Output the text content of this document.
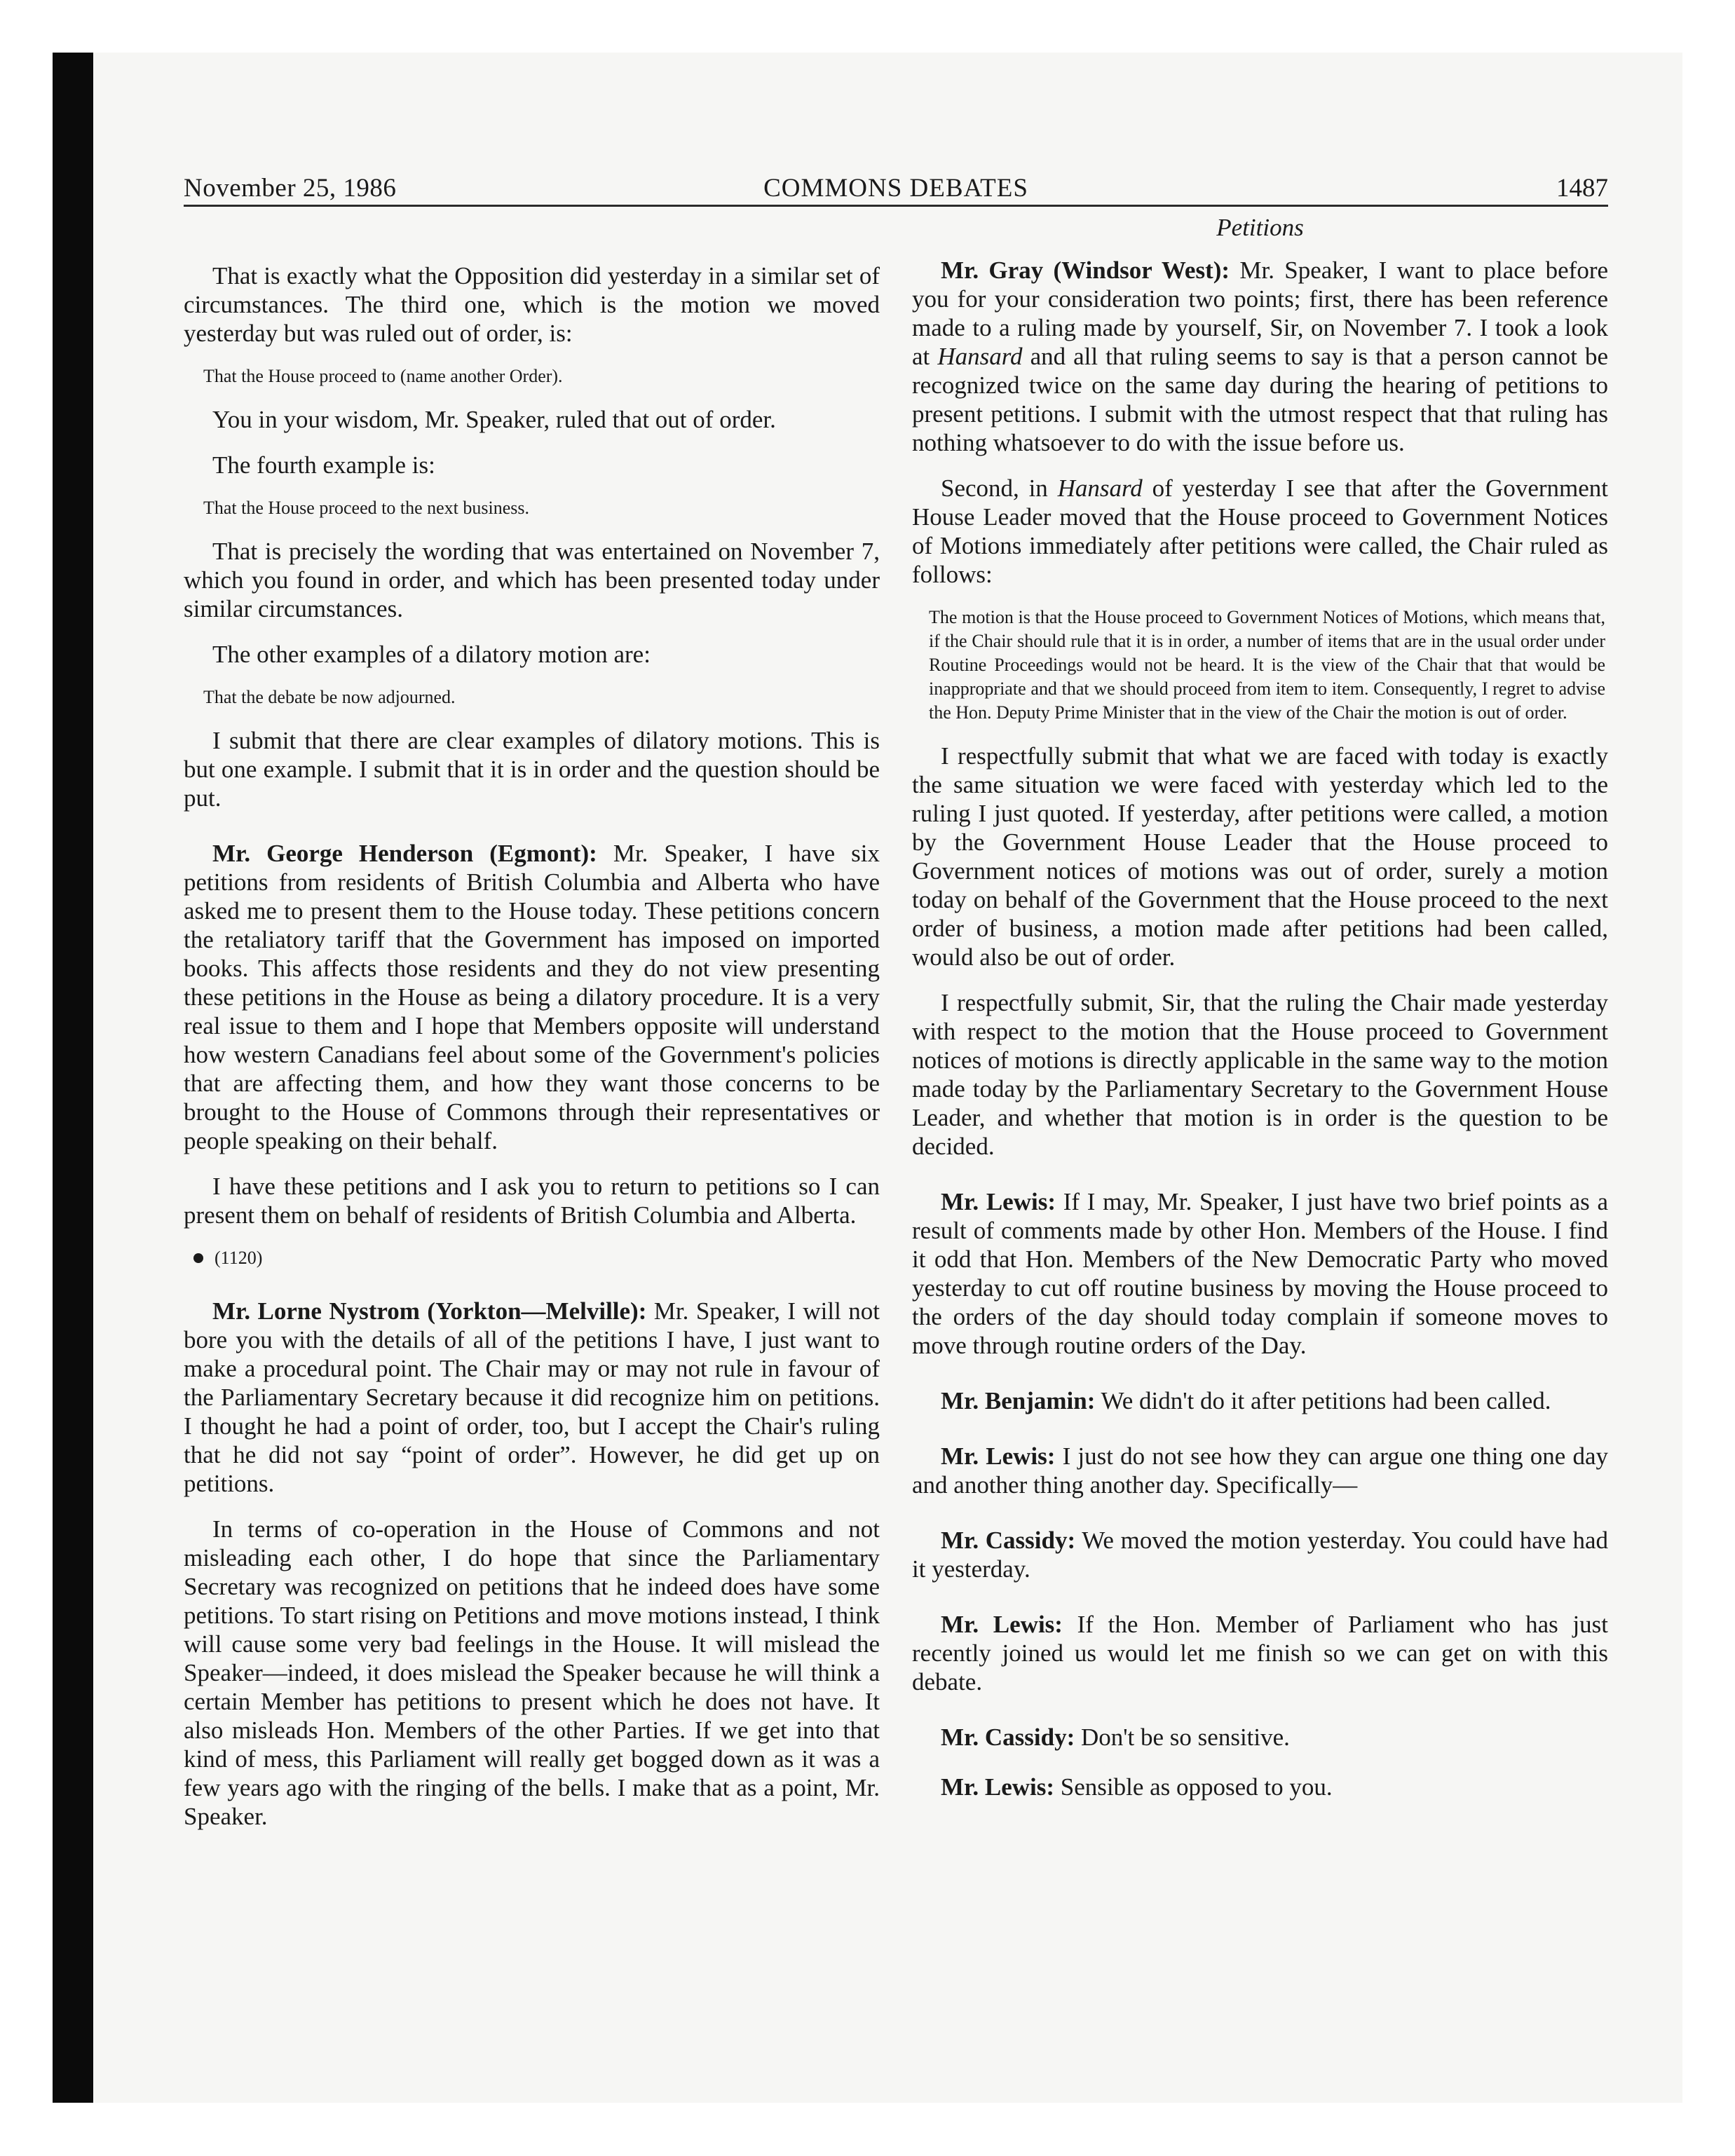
November 25, 1986	COMMONS DEBATES	1487

That is exactly what the Opposition did yesterday in a similar set of circumstances. The third one, which is the motion we moved yesterday but was ruled out of order, is:

That the House proceed to (name another Order).

You in your wisdom, Mr. Speaker, ruled that out of order.

The fourth example is:

That the House proceed to the next business.

That is precisely the wording that was entertained on November 7, which you found in order, and which has been presented today under similar circumstances.

The other examples of a dilatory motion are:

That the debate be now adjourned.

I submit that there are clear examples of dilatory motions. This is but one example. I submit that it is in order and the question should be put.

Mr. George Henderson (Egmont): Mr. Speaker, I have six petitions from residents of British Columbia and Alberta who have asked me to present them to the House today. These petitions concern the retaliatory tariff that the Government has imposed on imported books. This affects those residents and they do not view presenting these petitions in the House as being a dilatory procedure. It is a very real issue to them and I hope that Members opposite will understand how western Canadians feel about some of the Government's policies that are affecting them, and how they want those concerns to be brought to the House of Commons through their representatives or people speaking on their behalf.

I have these petitions and I ask you to return to petitions so I can present them on behalf of residents of British Columbia and Alberta.

(1120)

Mr. Lorne Nystrom (Yorkton—Melville): Mr. Speaker, I will not bore you with the details of all of the petitions I have, I just want to make a procedural point. The Chair may or may not rule in favour of the Parliamentary Secretary because it did recognize him on petitions. I thought he had a point of order, too, but I accept the Chair's ruling that he did not say “point of order”. However, he did get up on petitions.

In terms of co-operation in the House of Commons and not misleading each other, I do hope that since the Parliamentary Secretary was recognized on petitions that he indeed does have some petitions. To start rising on Petitions and move motions instead, I think will cause some very bad feelings in the House. It will mislead the Speaker—indeed, it does mislead the Speaker because he will think a certain Member has petitions to present which he does not have. It also misleads Hon. Members of the other Parties. If we get into that kind of mess, this Parliament will really get bogged down as it was a few years ago with the ringing of the bells. I make that as a point, Mr. Speaker.

Petitions

Mr. Gray (Windsor West): Mr. Speaker, I want to place before you for your consideration two points; first, there has been reference made to a ruling made by yourself, Sir, on November 7. I took a look at Hansard and all that ruling seems to say is that a person cannot be recognized twice on the same day during the hearing of petitions to present petitions. I submit with the utmost respect that that ruling has nothing whatsoever to do with the issue before us.

Second, in Hansard of yesterday I see that after the Government House Leader moved that the House proceed to Government Notices of Motions immediately after petitions were called, the Chair ruled as follows:

The motion is that the House proceed to Government Notices of Motions, which means that, if the Chair should rule that it is in order, a number of items that are in the usual order under Routine Proceedings would not be heard. It is the view of the Chair that that would be inappropriate and that we should proceed from item to item. Consequently, I regret to advise the Hon. Deputy Prime Minister that in the view of the Chair the motion is out of order.

I respectfully submit that what we are faced with today is exactly the same situation we were faced with yesterday which led to the ruling I just quoted. If yesterday, after petitions were called, a motion by the Government House Leader that the House proceed to Government notices of motions was out of order, surely a motion today on behalf of the Government that the House proceed to the next order of business, a motion made after petitions had been called, would also be out of order.

I respectfully submit, Sir, that the ruling the Chair made yesterday with respect to the motion that the House proceed to Government notices of motions is directly applicable in the same way to the motion made today by the Parliamentary Secretary to the Government House Leader, and whether that motion is in order is the question to be decided.

Mr. Lewis: If I may, Mr. Speaker, I just have two brief points as a result of comments made by other Hon. Members of the House. I find it odd that Hon. Members of the New Democratic Party who moved yesterday to cut off routine business by moving the House proceed to the orders of the day should today complain if someone moves to move through routine orders of the Day.

Mr. Benjamin: We didn't do it after petitions had been called.

Mr. Lewis: I just do not see how they can argue one thing one day and another thing another day. Specifically—

Mr. Cassidy: We moved the motion yesterday. You could have had it yesterday.

Mr. Lewis: If the Hon. Member of Parliament who has just recently joined us would let me finish so we can get on with this debate.

Mr. Cassidy: Don't be so sensitive.

Mr. Lewis: Sensible as opposed to you.
